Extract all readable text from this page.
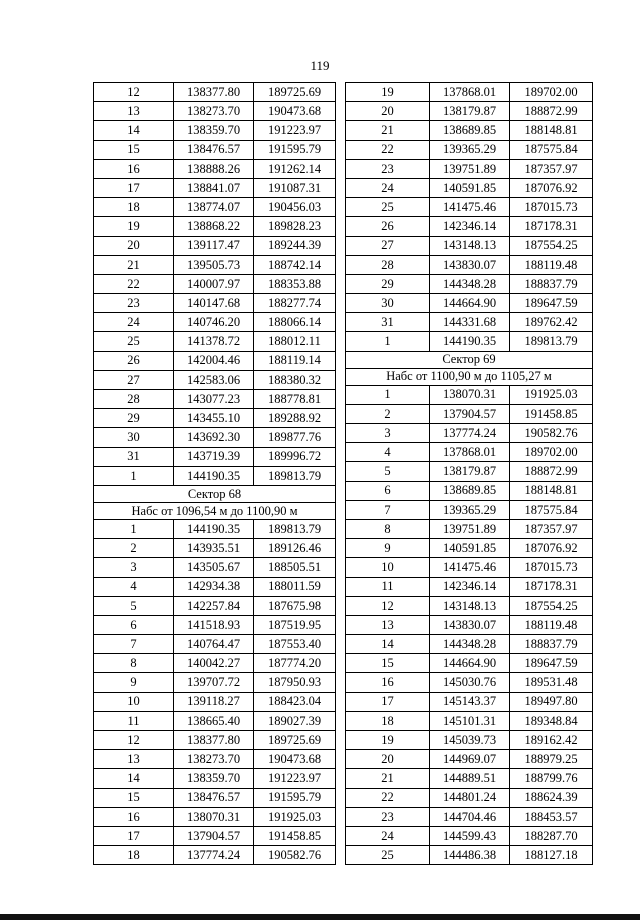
119
12	138377.80	189725.69
13	138273.70	190473.68
14	138359.70	191223.97
15	138476.57	191595.79
16	138888.26	191262.14
17	138841.07	191087.31
18	138774.07	190456.03
19	138868.22	189828.23
20	139117.47	189244.39
21	139505.73	188742.14
22	140007.97	188353.88
23	140147.68	188277.74
24	140746.20	188066.14
25	141378.72	188012.11
26	142004.46	188119.14
27	142583.06	188380.32
28	143077.23	188778.81
29	143455.10	189288.92
30	143692.30	189877.76
31	143719.39	189996.72
1	144190.35	189813.79
Сектор 68		
Набс от 1096,54 м до 1100,90 м		
1	144190.35	189813.79
2	143935.51	189126.46
3	143505.67	188505.51
4	142934.38	188011.59
5	142257.84	187675.98
6	141518.93	187519.95
7	140764.47	187553.40
8	140042.27	187774.20
9	139707.72	187950.93
10	139118.27	188423.04
11	138665.40	189027.39
12	138377.80	189725.69
13	138273.70	190473.68
14	138359.70	191223.97
15	138476.57	191595.79
16	138070.31	191925.03
17	137904.57	191458.85
18	137774.24	190582.76
19	137868.01	189702.00
20	138179.87	188872.99
21	138689.85	188148.81
22	139365.29	187575.84
23	139751.89	187357.97
24	140591.85	187076.92
25	141475.46	187015.73
26	142346.14	187178.31
27	143148.13	187554.25
28	143830.07	188119.48
29	144348.28	188837.79
30	144664.90	189647.59
31	144331.68	189762.42
1	144190.35	189813.79
Сектор 69		
Набс от 1100,90 м до 1105,27 м		
1	138070.31	191925.03
2	137904.57	191458.85
3	137774.24	190582.76
4	137868.01	189702.00
5	138179.87	188872.99
6	138689.85	188148.81
7	139365.29	187575.84
8	139751.89	187357.97
9	140591.85	187076.92
10	141475.46	187015.73
11	142346.14	187178.31
12	143148.13	187554.25
13	143830.07	188119.48
14	144348.28	188837.79
15	144664.90	189647.59
16	145030.76	189531.48
17	145143.37	189497.80
18	145101.31	189348.84
19	145039.73	189162.42
20	144969.07	188979.25
21	144889.51	188799.76
22	144801.24	188624.39
23	144704.46	188453.57
24	144599.43	188287.70
25	144486.38	188127.18
